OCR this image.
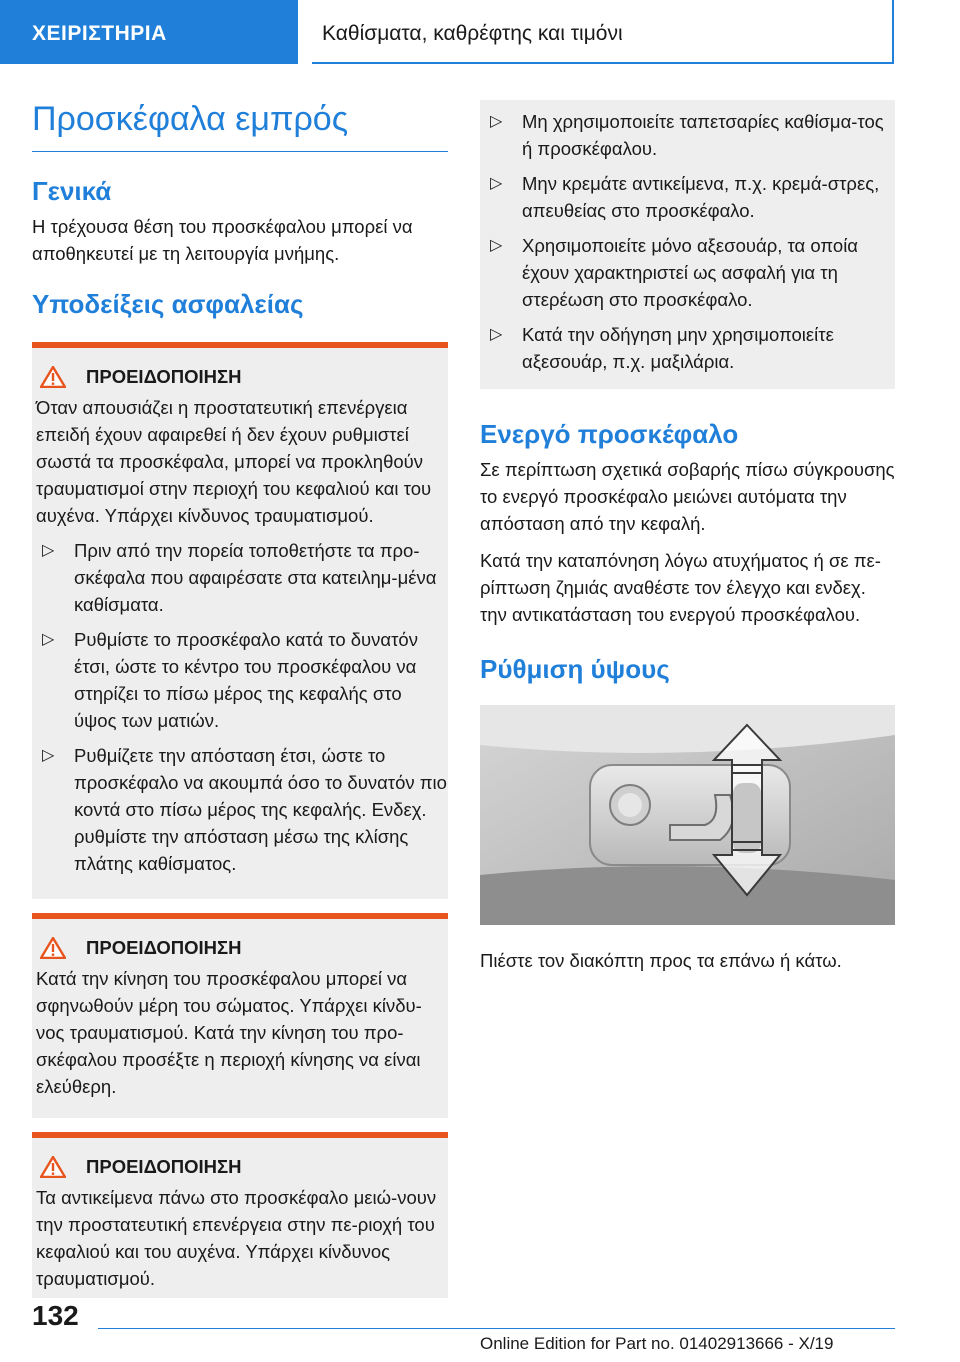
ΧΕΙΡΙΣΤΗΡΙΑ	Καθίσματα, καθρέφτης και τιμόνι
Προσκέφαλα εμπρός
Γενικά

Η τρέχουσα θέση του προσκέφαλου μπορεί να αποθηκευτεί με τη λειτουργία μνήμης.

Υποδείξεις ασφαλείας
ΠΡΟΕΙΔΟΠΟΙΗΣΗ

Όταν απουσιάζει η προστατευτική επενέργεια επειδή έχουν αφαιρεθεί ή δεν έχουν ρυθμιστεί σωστά τα προσκέφαλα, μπορεί να προκληθούν τραυματισμοί στην περιοχή του κεφαλιού και του αυχένα. Υπάρχει κίνδυνος τραυματισμού.

▷ Πριν από την πορεία τοποθετήστε τα προ-σκέφαλα που αφαιρέσατε στα κατειλημ-μένα καθίσματα.
▷ Ρυθμίστε το προσκέφαλο κατά το δυνατόν έτσι, ώστε το κέντρο του προσκέφαλου να στηρίζει το πίσω μέρος της κεφαλής στο ύψος των ματιών.
▷ Ρυθμίζετε την απόσταση έτσι, ώστε το προσκέφαλο να ακουμπά όσο το δυνατόν πιο κοντά στο πίσω μέρος της κεφαλής. Ενδεχ. ρυθμίστε την απόσταση μέσω της κλίσης πλάτης καθίσματος.
ΠΡΟΕΙΔΟΠΟΙΗΣΗ

Κατά την κίνηση του προσκέφαλου μπορεί να σφηνωθούν μέρη του σώματος. Υπάρχει κίνδυ-νος τραυματισμού. Κατά την κίνηση του προ-σκέφαλου προσέξτε η περιοχή κίνησης να είναι ελεύθερη.

ΠΡΟΕΙΔΟΠΟΙΗΣΗ

Τα αντικείμενα πάνω στο προσκέφαλο μειώ-νουν την προστατευτική επενέργεια στην πε-ριοχή του κεφαλιού και του αυχένα. Υπάρχει κίνδυνος τραυματισμού.

▷ Μη χρησιμοποιείτε ταπετσαρίες καθίσμα-τος ή προσκέφαλου.
▷ Μην κρεμάτε αντικείμενα, π.χ. κρεμά-στρες, απευθείας στο προσκέφαλο.
▷ Χρησιμοποιείτε μόνο αξεσουάρ, τα οποία έχουν χαρακτηριστεί ως ασφαλή για τη στερέωση στο προσκέφαλο.
▷ Κατά την οδήγηση μην χρησιμοποιείτε αξεσουάρ, π.χ. μαξιλάρια.
Ενεργό προσκέφαλο

Σε περίπτωση σχετικά σοβαρής πίσω σύγκρουσης το ενεργό προσκέφαλο μειώνει αυτόματα την απόσταση από την κεφαλή.

Κατά την καταπόνηση λόγω ατυχήματος ή σε πε-ρίπτωση ζημιάς αναθέστε τον έλεγχο και ενδεχ. την αντικατάσταση του ενεργού προσκέφαλου.

Ρύθμιση ύψους

Πιέστε τον διακόπτη προς τα επάνω ή κάτω.

132
Online Edition for Part no. 01402913666 - X/19
